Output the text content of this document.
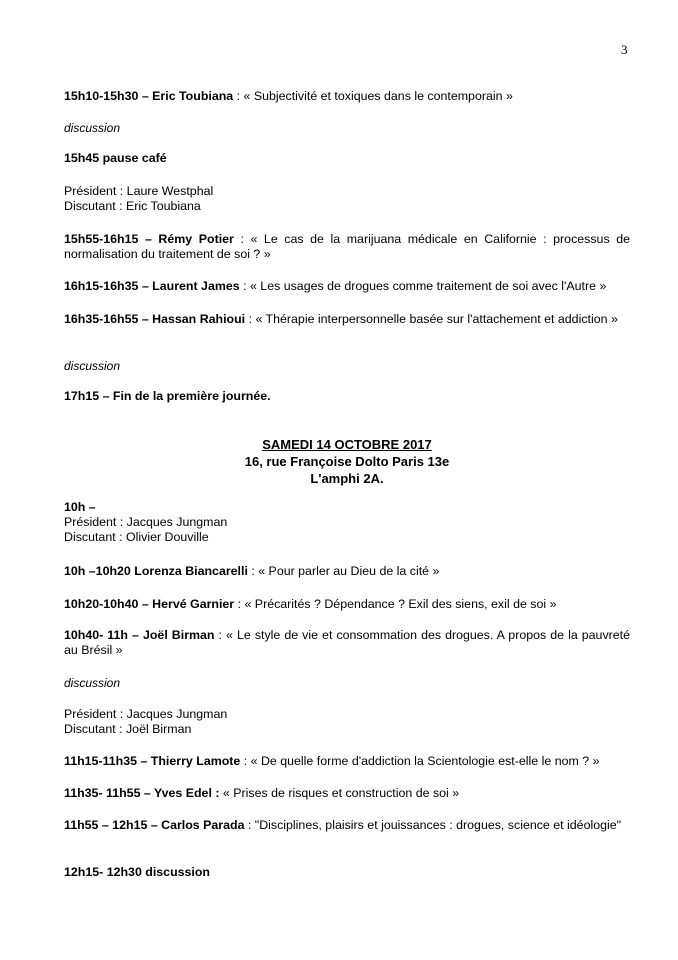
3
15h10-15h30 – Eric Toubiana : « Subjectivité et toxiques dans le contemporain »
discussion
15h45 pause café
Président : Laure Westphal
Discutant : Eric Toubiana
15h55-16h15 – Rémy Potier : « Le cas de la marijuana médicale en Californie : processus de normalisation du traitement de soi ? »
16h15-16h35 – Laurent James : « Les usages de drogues comme traitement de soi avec l'Autre »
16h35-16h55 – Hassan Rahioui : « Thérapie interpersonnelle basée sur l'attachement et addiction »
discussion
17h15 – Fin de la première journée.
SAMEDI 14 OCTOBRE 2017
16, rue Françoise Dolto Paris 13e
L'amphi 2A.
10h –
Président : Jacques Jungman
Discutant : Olivier Douville
10h –10h20 Lorenza Biancarelli : « Pour parler au Dieu de la cité »
10h20-10h40 – Hervé Garnier : « Précarités ? Dépendance ? Exil des siens, exil de soi »
10h40- 11h – Joël Birman : « Le style de vie et consommation des drogues. A propos de la pauvreté au Brésil »
discussion
Président : Jacques Jungman
Discutant : Joël Birman
11h15-11h35 – Thierry Lamote : « De quelle forme d'addiction la Scientologie est-elle le nom ? »
11h35- 11h55 – Yves Edel : « Prises de risques et construction de soi »
11h55 – 12h15 – Carlos Parada : "Disciplines, plaisirs et jouissances : drogues, science et idéologie"
12h15- 12h30 discussion
